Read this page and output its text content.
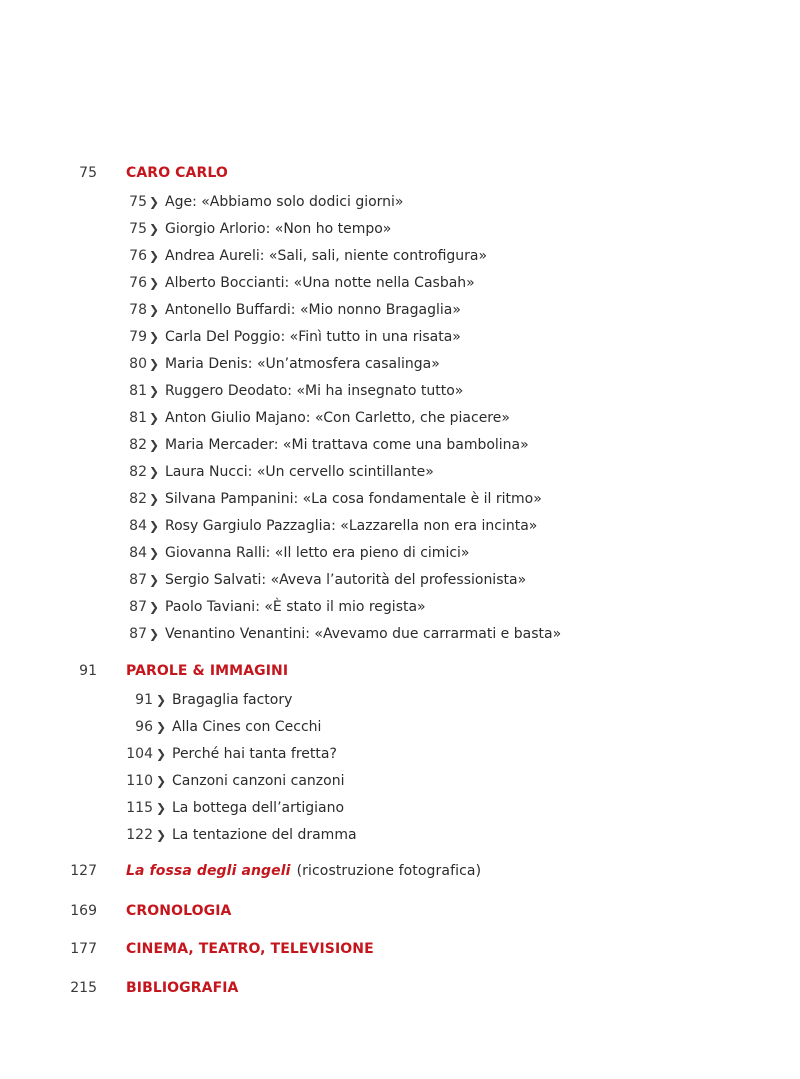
75 CARO CARLO
75 ❯ Age: «Abbiamo solo dodici giorni»
75 ❯ Giorgio Arlorio: «Non ho tempo»
76 ❯ Andrea Aureli: «Sali, sali, niente controfigura»
76 ❯ Alberto Boccianti: «Una notte nella Casbah»
78 ❯ Antonello Buffardi: «Mio nonno Bragaglia»
79 ❯ Carla Del Poggio: «Finì tutto in una risata»
80 ❯ Maria Denis: «Un’atmosfera casalinga»
81 ❯ Ruggero Deodato: «Mi ha insegnato tutto»
81 ❯ Anton Giulio Majano: «Con Carletto, che piacere»
82 ❯ Maria Mercader: «Mi trattava come una bambolina»
82 ❯ Laura Nucci: «Un cervello scintillante»
82 ❯ Silvana Pampanini: «La cosa fondamentale è il ritmo»
84 ❯ Rosy Gargiulo Pazzaglia: «Lazzarella non era incinta»
84 ❯ Giovanna Ralli: «Il letto era pieno di cimici»
87 ❯ Sergio Salvati: «Aveva l’autorità del professionista»
87 ❯ Paolo Taviani: «È stato il mio regista»
87 ❯ Venantino Venantini: «Avevamo due carrarmati e basta»
91 PAROLE & IMMAGINI
91 ❯ Bragaglia factory
96 ❯ Alla Cines con Cecchi
104 ❯ Perché hai tanta fretta?
110 ❯ Canzoni canzoni canzoni
115 ❯ La bottega dell’artigiano
122 ❯ La tentazione del dramma
127 La fossa degli angeli (ricostruzione fotografica)
169 CRONOLOGIA
177 CINEMA, TEATRO, TELEVISIONE
215 BIBLIOGRAFIA
